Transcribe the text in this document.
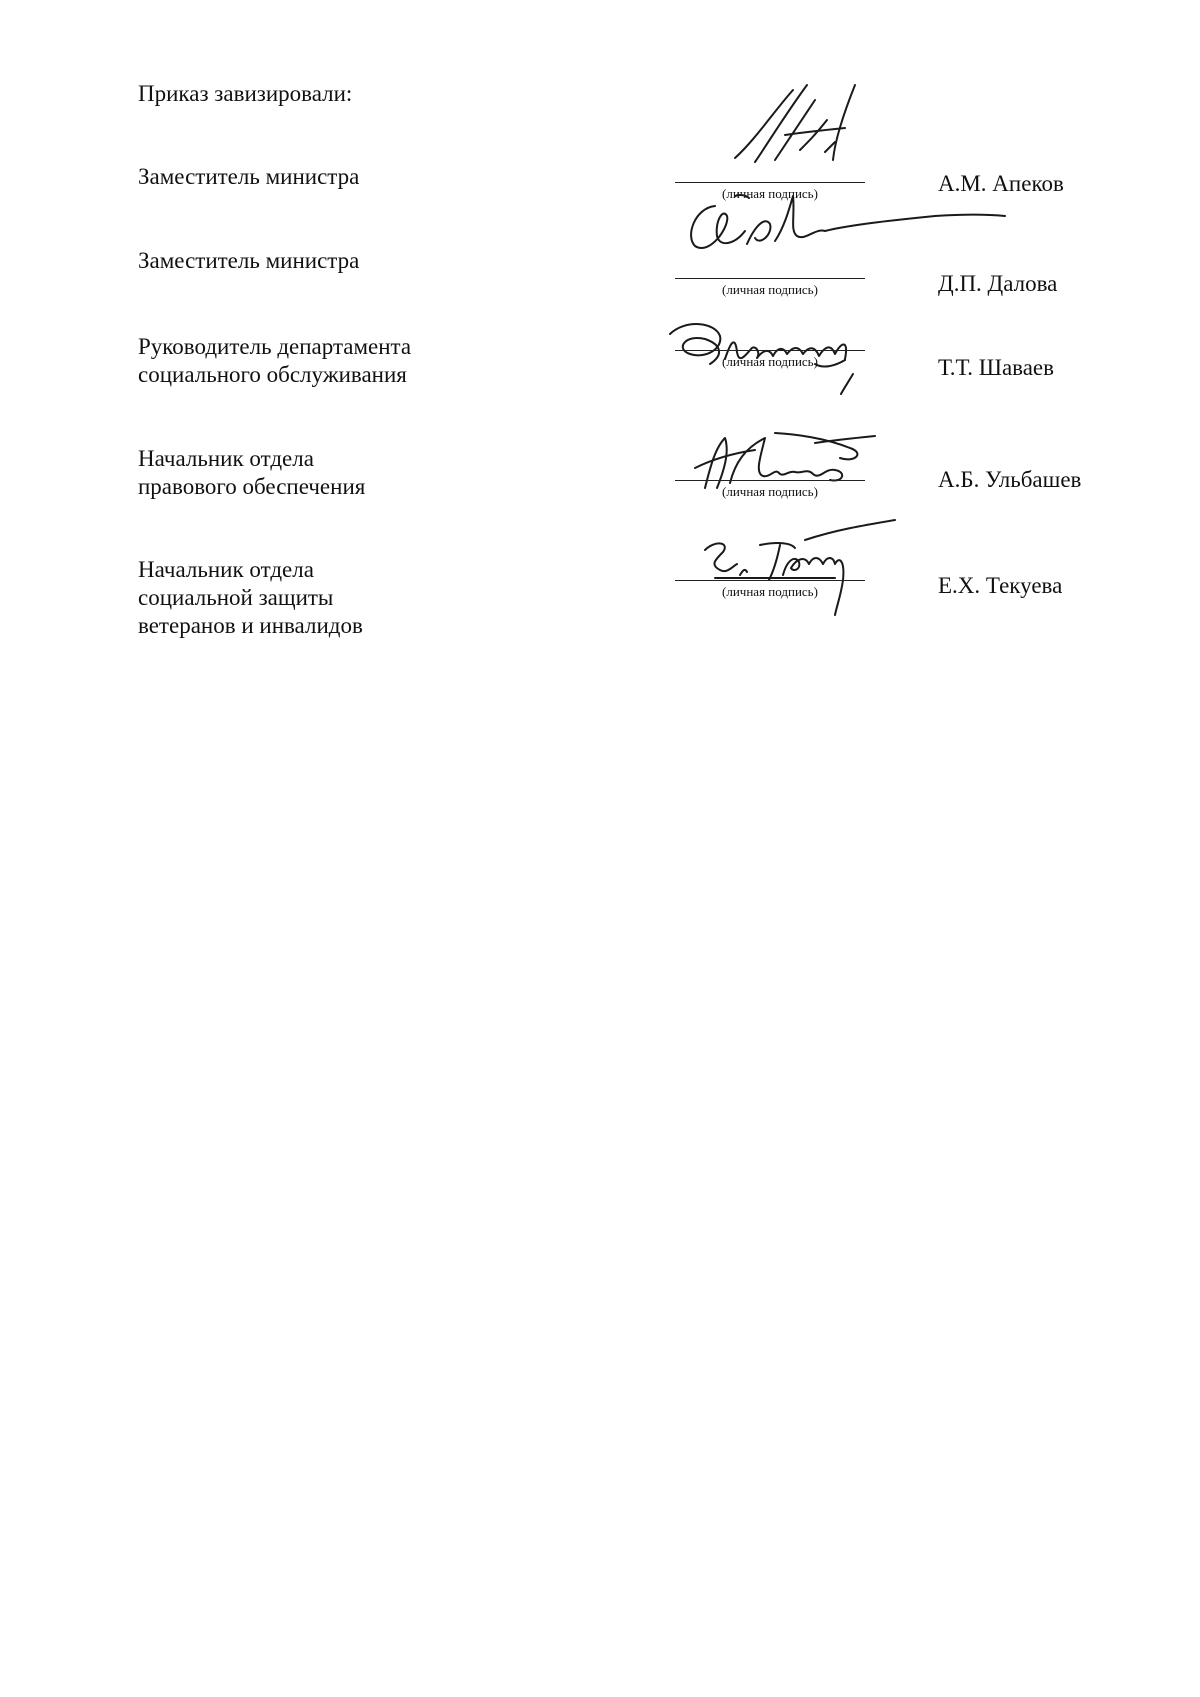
Приказ завизировали:
Заместитель министра
(личная подпись)	А.М. Апеков
Заместитель министра
(личная подпись)	Д.П. Далова
Руководитель департамента
социального обслуживания
(личная подпись)	Т.Т. Шаваев
Начальник отдела
правового обеспечения	(личная подпись)	А.Б. Ульбашев
Начальник отдела
социальной защиты
ветеранов и инвалидов
(личная подпись)	Е.Х. Текуева
